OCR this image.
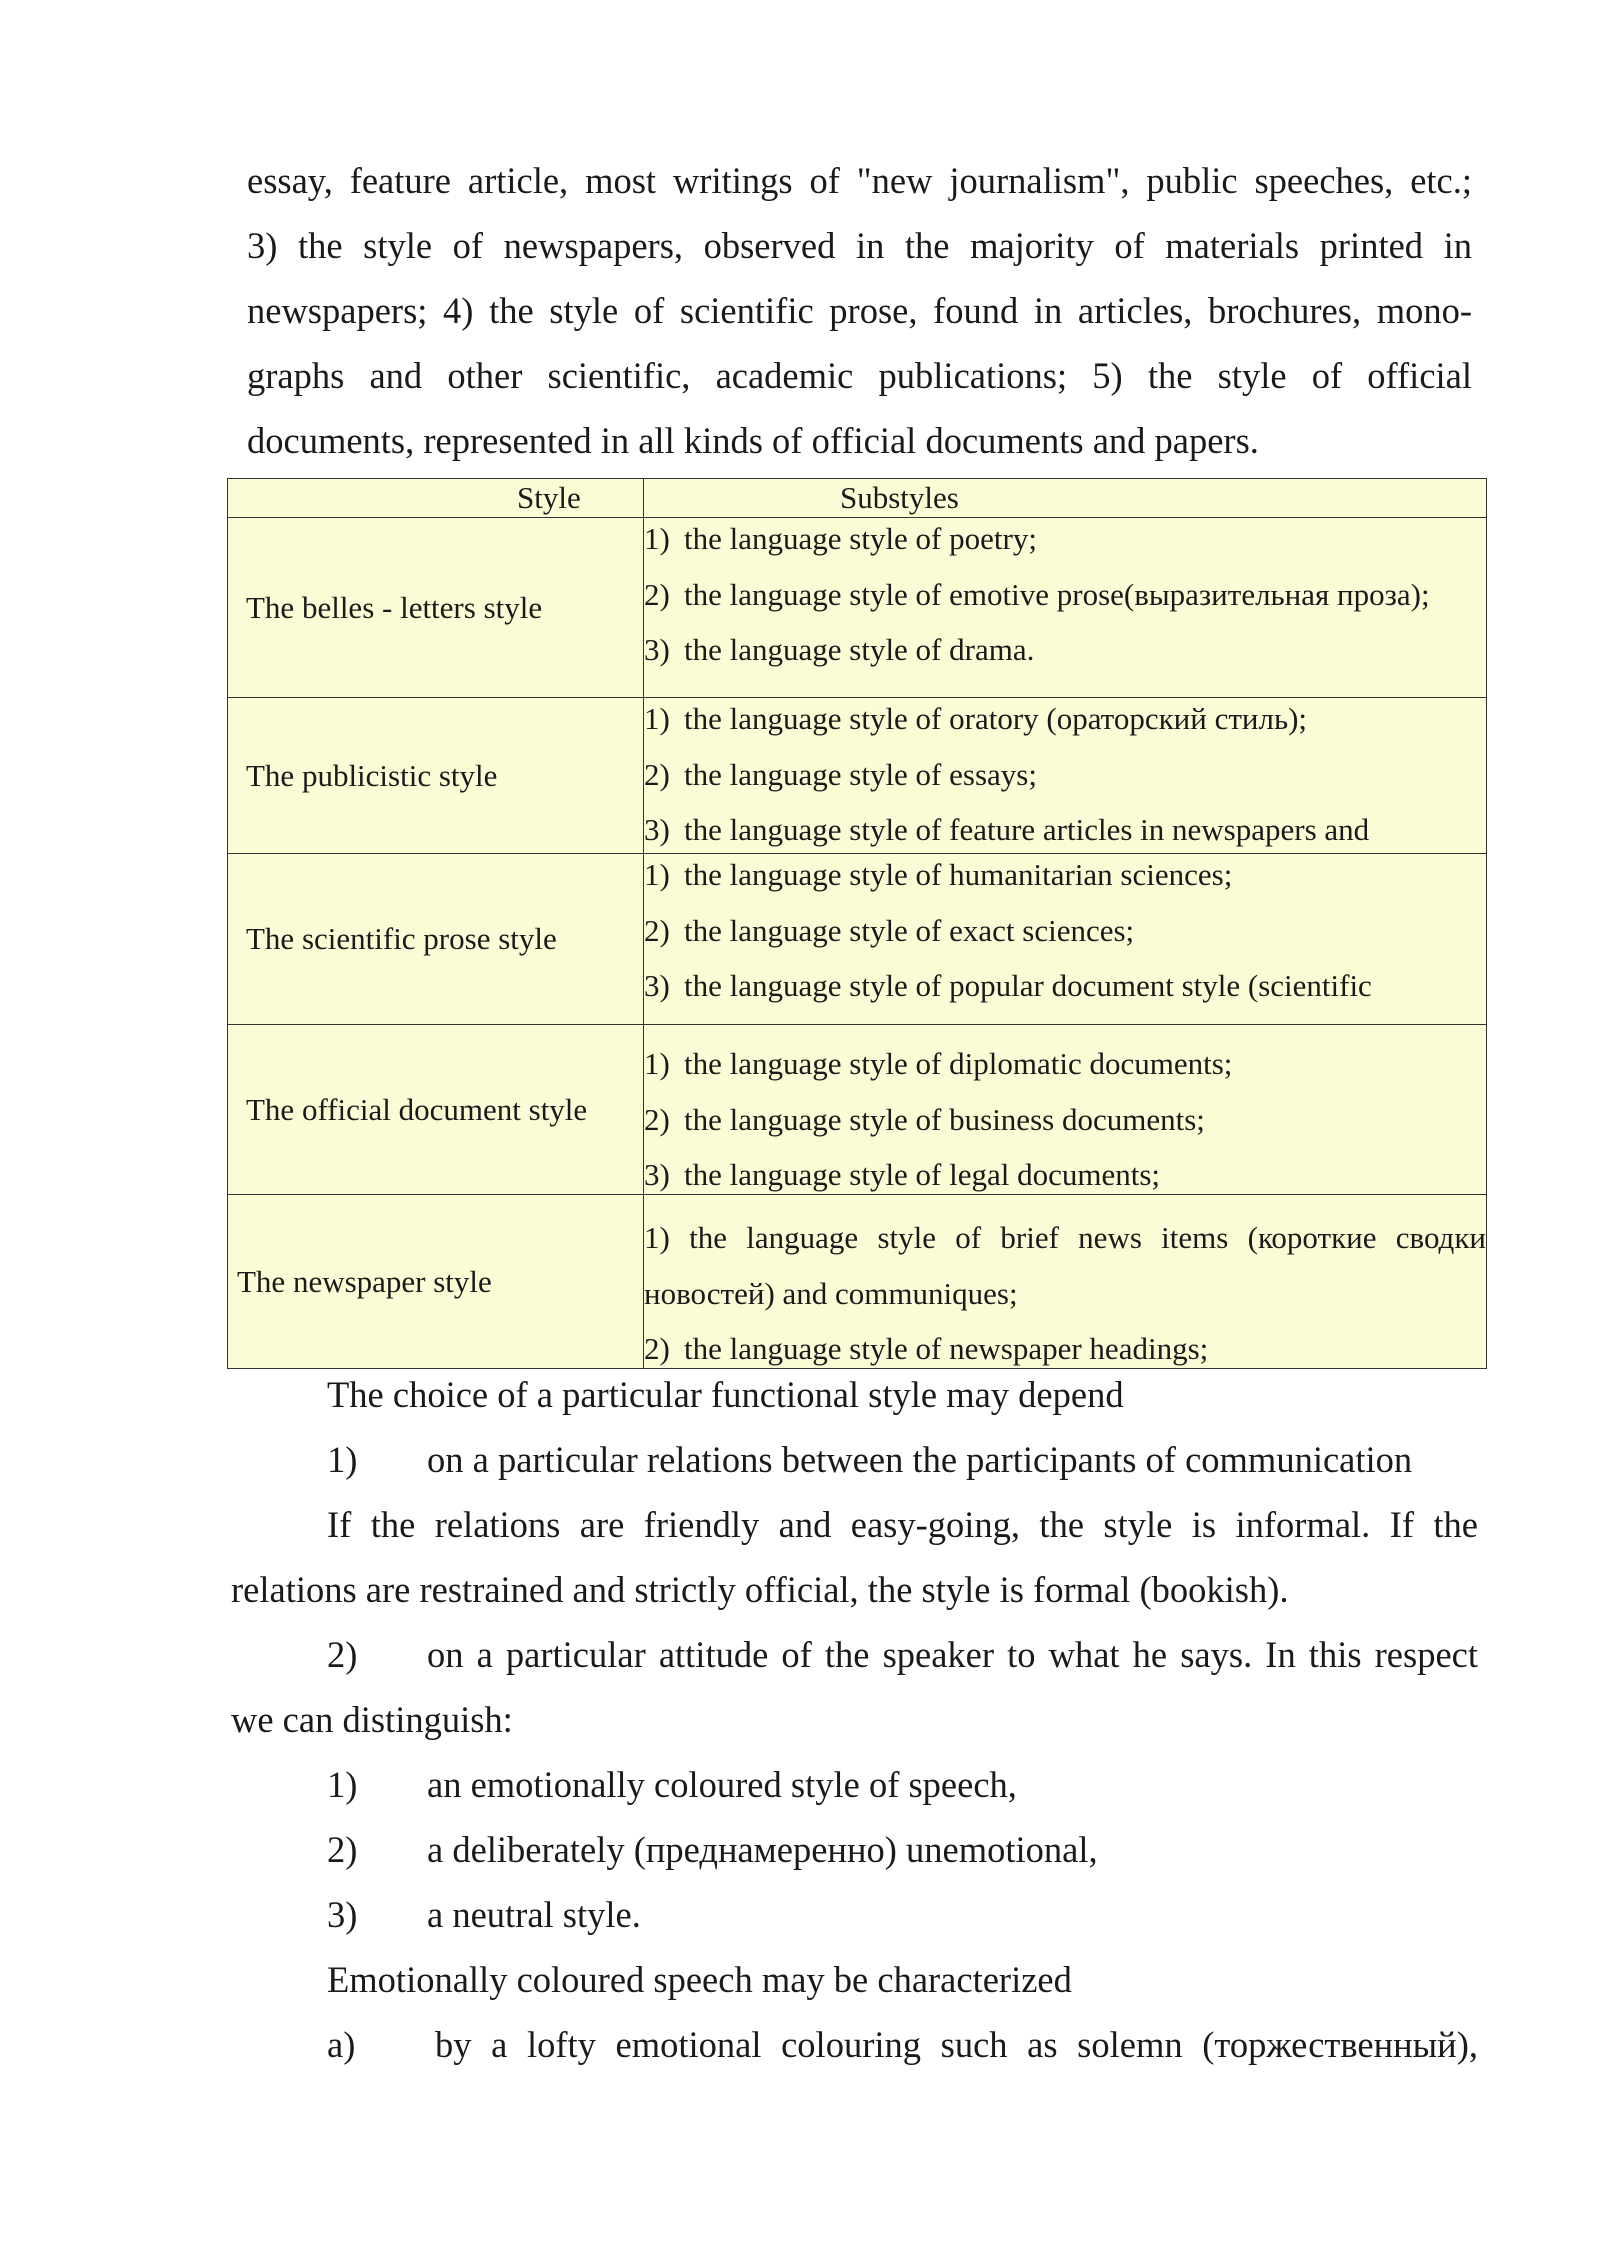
essay, feature article, most writings of "new journalism", public speeches, etc.;
3) the style of newspapers, observed in the majority of materials printed in
newspapers; 4) the style of scientific prose, found in articles, brochures, mono-
graphs and other scientific, academic publications; 5) the style of official
documents, represented in all kinds of official documents and papers.
Style	Substyles
The belles - letters style	1) the language style of poetry;
2) the language style of emotive prose(выразительная проза);
3) the language style of drama.

The publicistic style	1) the language style of oratory (ораторский стиль);
2) the language style of essays;
3) the language style of feature articles in newspapers and

The scientific prose style	1) the language style of humanitarian sciences;
2) the language style of exact sciences;
3) the language style of popular document style (scientific

The official document style	1) the language style of diplomatic documents;
2) the language style of business documents;
3) the language style of legal documents;

The newspaper style	1) the language style of brief news items (короткие сводки
новостей) and communiques;
2) the language style of newspaper headings;

The choice of a particular functional style may depend

1)	on a particular relations between the participants of communication

If the relations are friendly and easy-going, the style is informal. If the

relations are restrained and strictly official, the style is formal (bookish).

2)	on a particular attitude of the speaker to what he says. In this respect

we can distinguish:

1)	an emotionally coloured style of speech,
2)	a deliberately (преднамеренно) unemotional,
3)	a neutral style.

Emotionally coloured speech may be characterized

a)	by a lofty emotional colouring such as solemn (торжественный),
